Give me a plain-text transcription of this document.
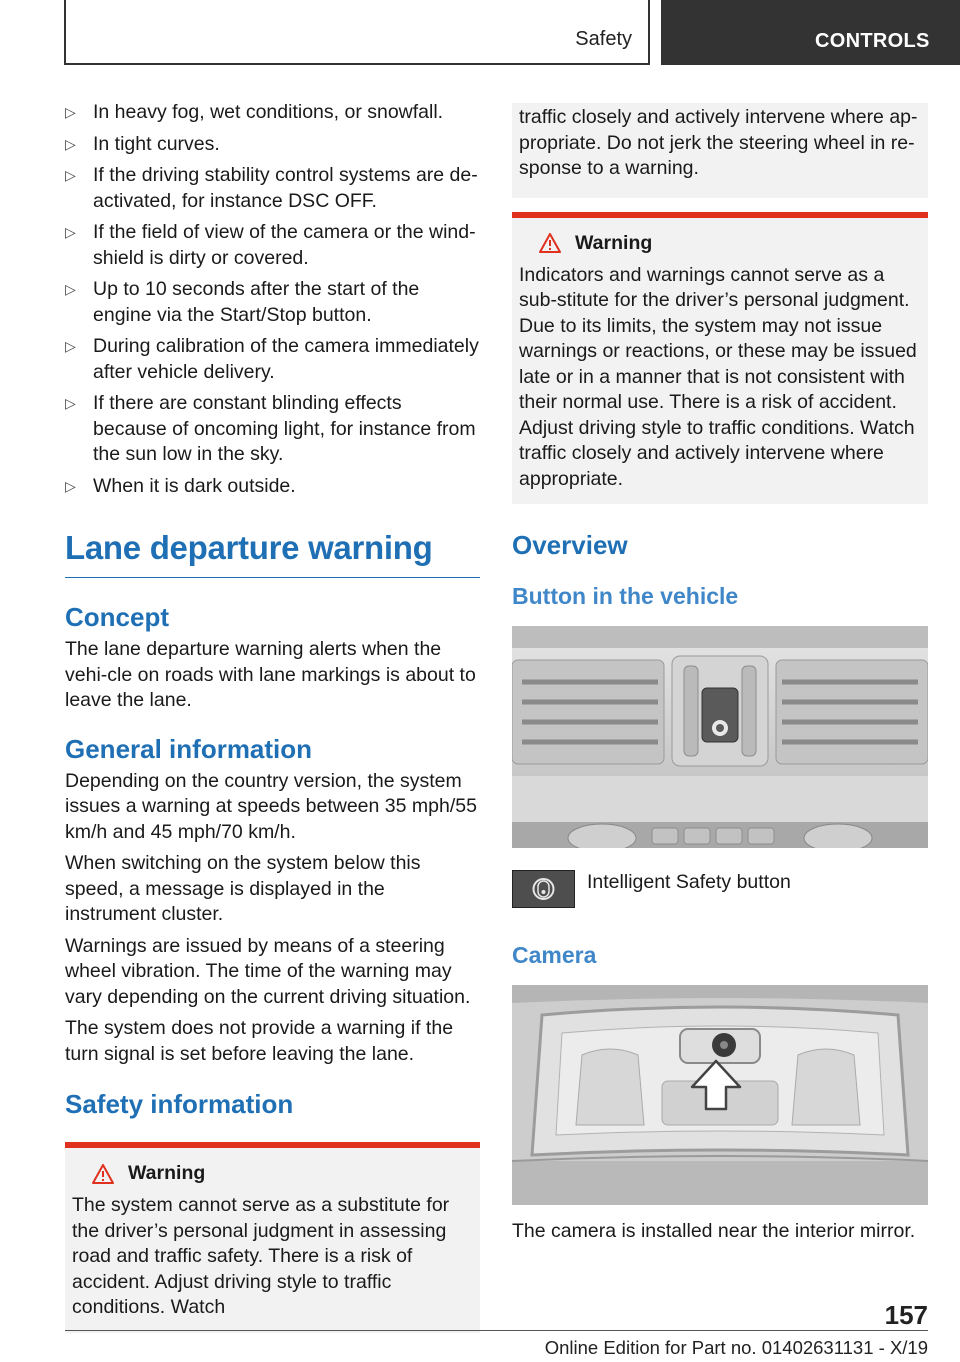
Safety	CONTROLS
▷ In heavy fog, wet conditions, or snowfall.
▷ In tight curves.
▷ If the driving stability control systems are de-activated, for instance DSC OFF.
▷ If the field of view of the camera or the wind-shield is dirty or covered.
▷ Up to 10 seconds after the start of the engine via the Start/Stop button.
▷ During calibration of the camera immediately after vehicle delivery.
▷ If there are constant blinding effects because of oncoming light, for instance from the sun low in the sky.
▷ When it is dark outside.
Lane departure warning
Concept
The lane departure warning alerts when the vehi-cle on roads with lane markings is about to leave the lane.
General information
Depending on the country version, the system issues a warning at speeds between 35 mph/55 km/h and 45 mph/70 km/h.
When switching on the system below this speed, a message is displayed in the instrument cluster.
Warnings are issued by means of a steering wheel vibration. The time of the warning may vary depending on the current driving situation.
The system does not provide a warning if the turn signal is set before leaving the lane.
Safety information
Warning
The system cannot serve as a substitute for the driver’s personal judgment in assessing road and traffic safety. There is a risk of accident. Adjust driving style to traffic conditions. Watch
traffic closely and actively intervene where ap-propriate. Do not jerk the steering wheel in re-sponse to a warning.
Warning
Indicators and warnings cannot serve as a sub-stitute for the driver’s personal judgment. Due to its limits, the system may not issue warnings or reactions, or these may be issued late or in a manner that is not consistent with their normal use. There is a risk of accident. Adjust driving style to traffic conditions. Watch traffic closely and actively intervene where appropriate.
Overview
Button in the vehicle
Intelligent Safety button
Camera
The camera is installed near the interior mirror.
157
Online Edition for Part no. 01402631131 - X/19
